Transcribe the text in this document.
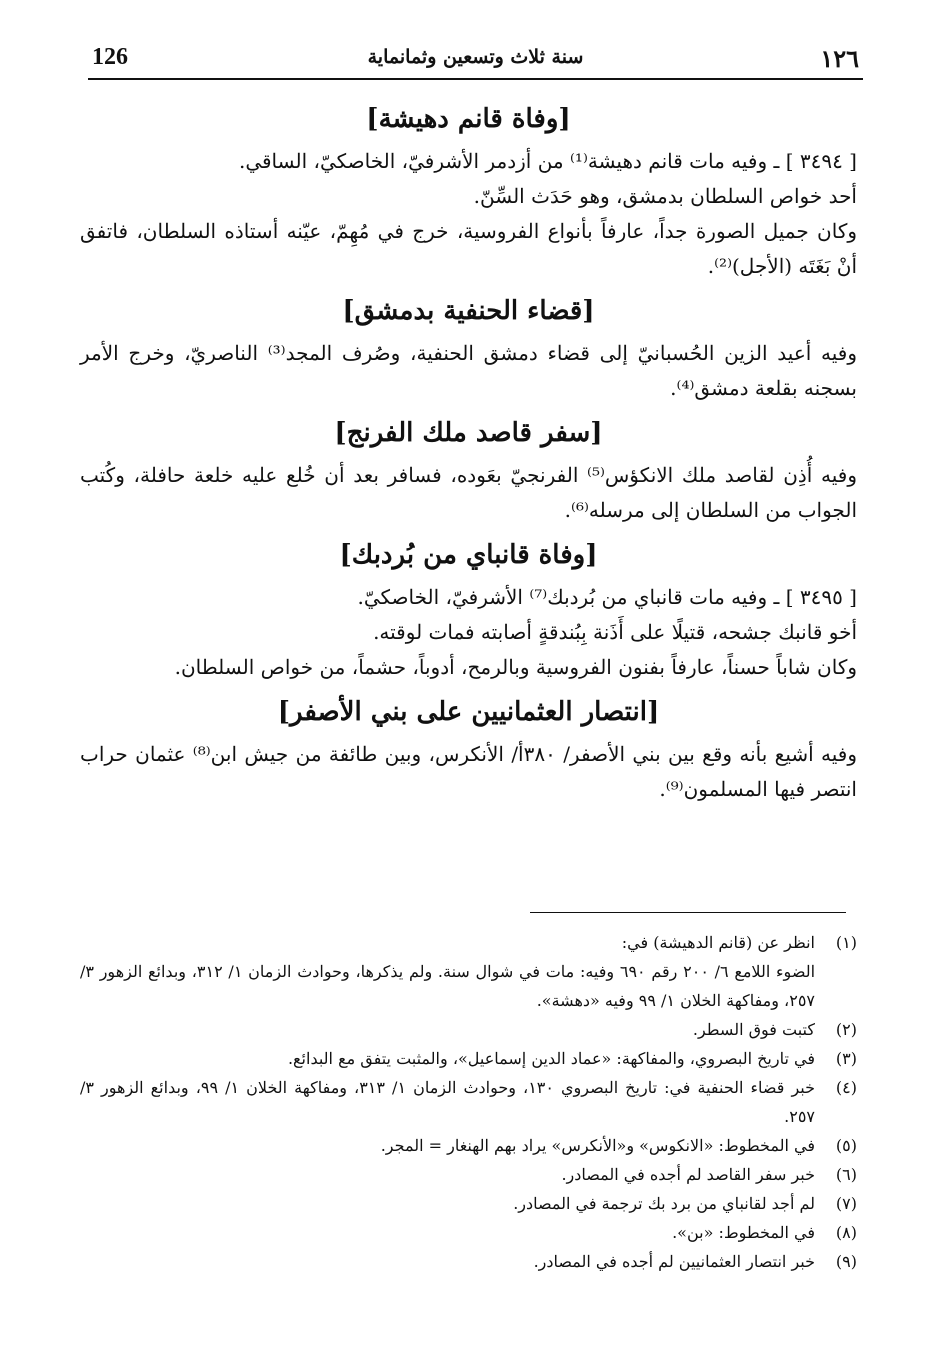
126	سنة ثلاث وتسعين وثمانماية	١٢٦
[وفاة قانم دهيشة]

[ ٣٤٩٤ ] ـ وفيه مات قانم دهيشة⁽¹⁾ من أزدمر الأشرفيّ، الخاصكيّ، الساقي.

أحد خواص السلطان بدمشق، وهو حَدَث السِّنّ.

وكان جميل الصورة جداً، عارفاً بأنواع الفروسية، خرج في مُهِمّ، عيّنه أستاذه السلطان، فاتفق أنْ بَغَتَه (الأجل)⁽²⁾.

[قضاء الحنفية بدمشق]

وفيه أعيد الزين الحُسبانيّ إلى قضاء دمشق الحنفية، وصُرف المجد⁽³⁾ الناصريّ، وخرج الأمر بسجنه بقلعة دمشق⁽⁴⁾.

[سفر قاصد ملك الفرنج]

وفيه أُذِن لقاصد ملك الانكؤس⁽⁵⁾ الفرنجيّ بعَوده، فسافر بعد أن خُلع عليه خلعة حافلة، وكُتب الجواب من السلطان إلى مرسله⁽⁶⁾.

[وفاة قانباي من بُردبك]

[ ٣٤٩٥ ] ـ وفيه مات قانباي من بُردبك⁽⁷⁾ الأشرفيّ، الخاصكيّ.

أخو قانبك جشحه، قتيلًا على أَذَنة بِبُندقةٍ أصابته فمات لوقته.

وكان شاباً حسناً، عارفاً بفنون الفروسية وبالرمح، أدوباً، حشماً، من خواص السلطان.

[انتصار العثمانيين على بني الأصفر]

وفيه أشيع بأنه وقع بين بني الأصفر/ ٣٨٠أ/ الأنكرس، وبين طائفة من جيش ابن⁽⁸⁾ عثمان حراب انتصر فيها المسلمون⁽⁹⁾.

(١)
انظر عن (قانم الدهيشة) في:
الضوء اللامع ٦/ ٢٠٠ رقم ٦٩٠ وفيه: مات في شوال سنة. ولم يذكرها، وحوادث الزمان ١/ ٣١٢، وبدائع الزهور ٣/ ٢٥٧، ومفاكهة الخلان ١/ ٩٩ وفيه «دهشة».
(٢)
كتبت فوق السطر.
(٣)
في تاريخ البصروي، والمفاكهة: «عماد الدين إسماعيل»، والمثبت يتفق مع البدائع.
(٤)
خبر قضاء الحنفية في: تاريخ البصروي ١٣٠، وحوادث الزمان ١/ ٣١٣، ومفاكهة الخلان ١/ ٩٩، وبدائع الزهور ٣/ ٢٥٧.
(٥)
في المخطوط: «الانكوس» و«الأنكرس» يراد بهم الهنغار = المجر.
(٦)
خبر سفر القاصد لم أجده في المصادر.
(٧)
لم أجد لقانباي من برد بك ترجمة في المصادر.
(٨)
في المخطوط: «بن».
(٩)
خبر انتصار العثمانيين لم أجده في المصادر.
